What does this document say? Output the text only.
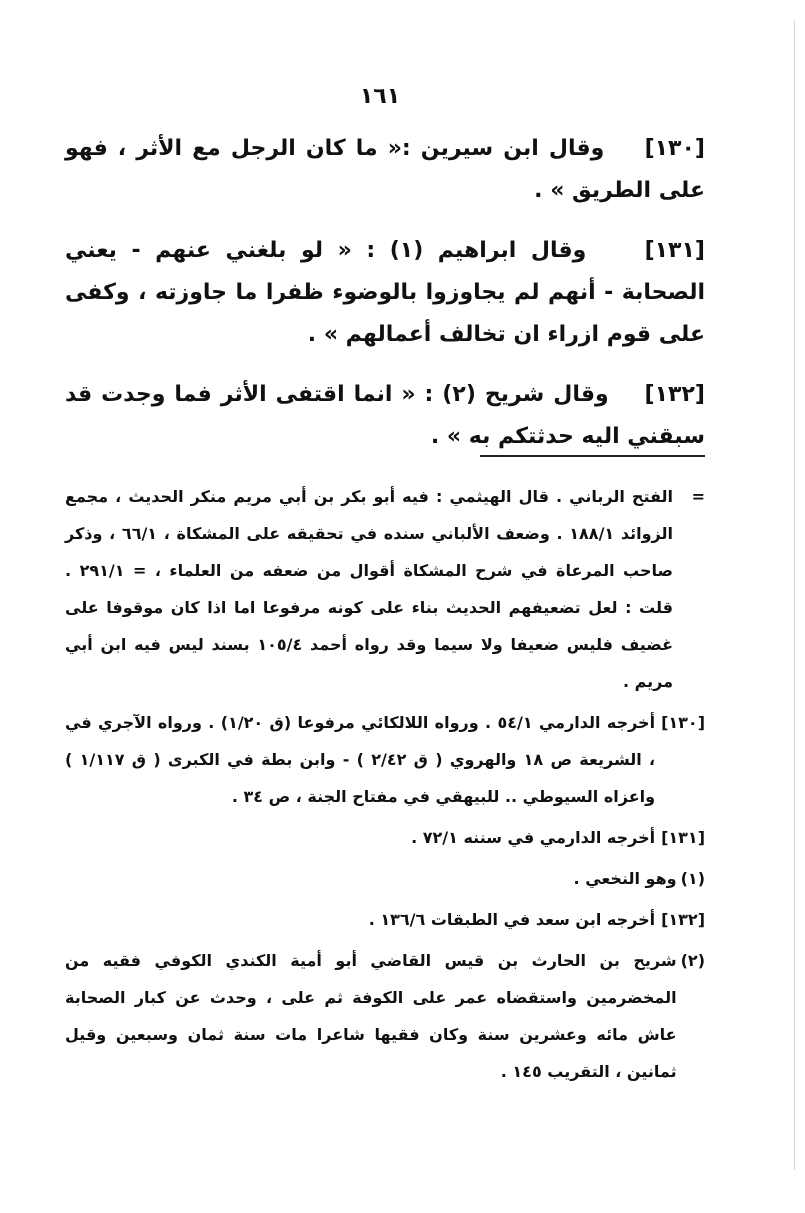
١٦١

[١٣٠]    وقال ابن سيرين :« ما كان الرجل مع الأثر ، فهو على الطريق » .

[١٣١]    وقال ابراهيم (١) : « لو بلغني عنهم - يعني الصحابة - أنهم لم يجاوزوا بالوضوء ظفرا ما جاوزته ، وكفى على قوم ازراء ان تخالف أعمالهم » .

[١٣٢]    وقال شريح (٢) : « انما اقتفى الأثر فما وجدت قد سبقني اليه حدثتكم به » .

=
الفتح الرباني . قال الهيثمي : فيه أبو بكر بن أبي مريم منكر الحديث ، مجمع الزوائد ١٨٨/١ . وضعف الألباني سنده في تحقيقه على المشكاة ، ٦٦/١ ، وذكر صاحب المرعاة في شرح المشكاة أقوال من ضعفه من العلماء ، = ٢٩١/١ . قلت : لعل تضعيفهم الحديث بناء على كونه مرفوعا اما اذا كان موقوفا على غضيف فليس ضعيفا ولا سيما وقد رواه أحمد ١٠٥/٤ بسند ليس فيه ابن أبي مريم .
[١٣٠]
أخرجه الدارمي ٥٤/١ . ورواه اللالكائي مرفوعا (ق ١/٢٠) . ورواه الآجري في ، الشريعة ص ١٨ والهروي ( ق ٢/٤٢ ) - وابن بطة في الكبرى ( ق ١/١١٧ ) واعزاه السيوطي .. للبيهقي في مفتاح الجنة ، ص ٣٤ .
[١٣١]
أخرجه الدارمي في سننه ٧٢/١ .
(١)
وهو النخعي .
[١٣٢]
أخرجه ابن سعد في الطبقات ١٣٦/٦ .
(٢)
شريح بن الحارث بن قيس القاضي أبو أمية الكندي الكوفي فقيه من المخضرمين واستقضاه عمر على الكوفة ثم على ، وحدث عن كبار الصحابة عاش مائه وعشرين سنة وكان فقيها شاعرا مات سنة ثمان وسبعين وقيل ثمانين ، التقريب ١٤٥ .
